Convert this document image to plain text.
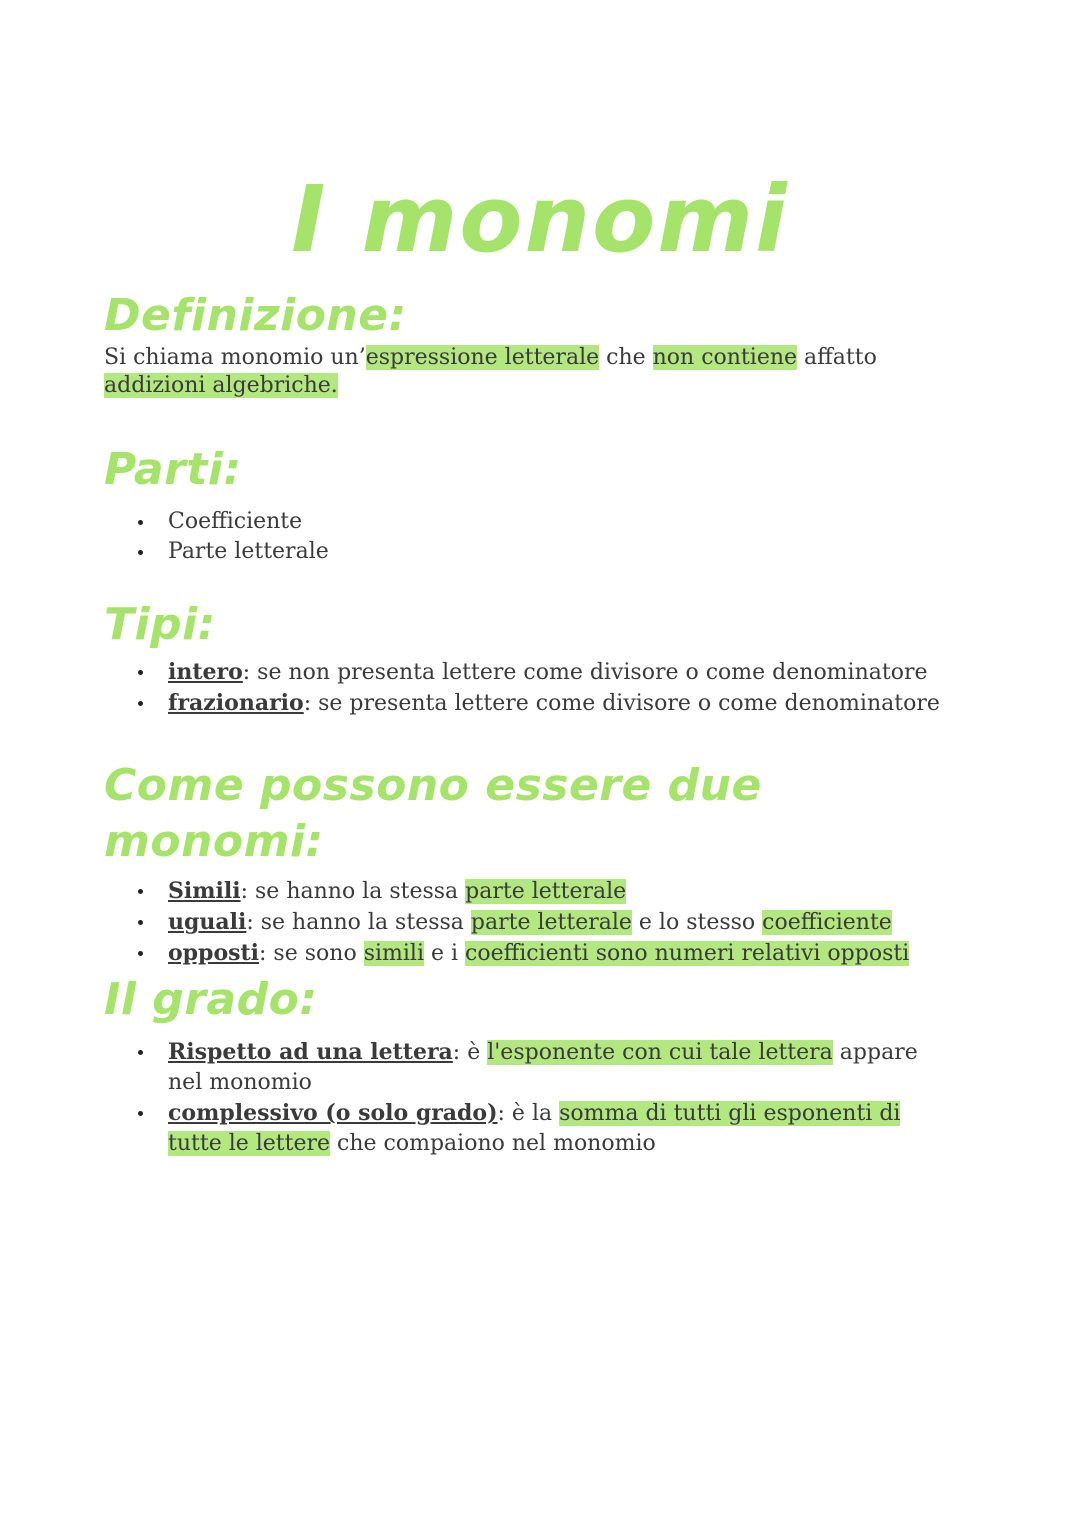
I monomi
Definizione:

Si chiama monomio un’espressione letterale che non contiene affatto addizioni algebriche.

Parti:
Coefficiente
Parte letterale
Tipi:
intero: se non presenta lettere come divisore o come denominatore
frazionario: se presenta lettere come divisore o come denominatore
Come possono essere due monomi:
Simili: se hanno la stessa parte letterale
uguali: se hanno la stessa parte letterale e lo stesso coefficiente
opposti: se sono simili e i coefficienti sono numeri relativi opposti
Il grado:
Rispetto ad una lettera: è l'esponente con cui tale lettera appare nel monomio
complessivo (o solo grado): è la somma di tutti gli esponenti di tutte le lettere che compaiono nel monomio
